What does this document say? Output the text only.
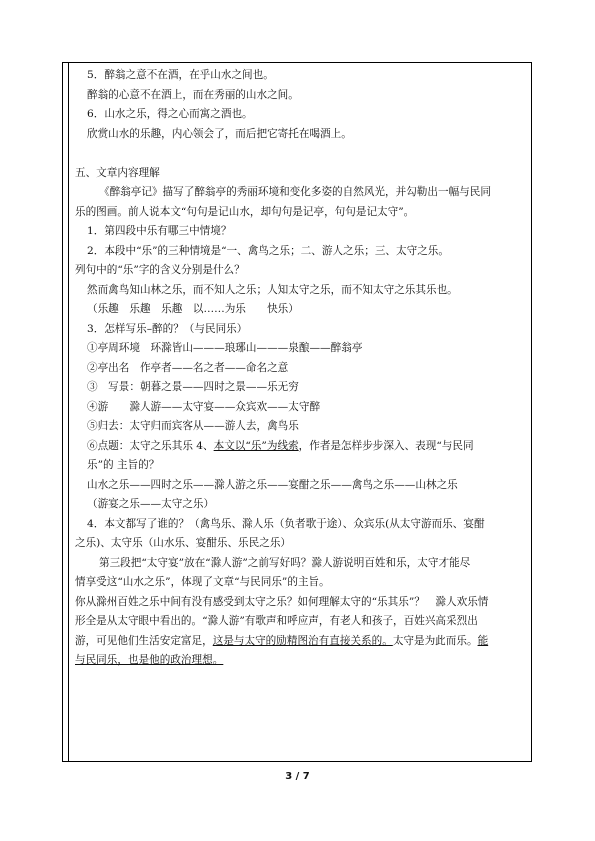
5．醉翁之意不在酒，在乎山水之间也。
醉翁的心意不在酒上，而在秀丽的山水之间。
6．山水之乐，得之心而寓之酒也。
欣赏山水的乐趣，内心领会了，而后把它寄托在喝酒上。
五、文章内容理解
《醉翁亭记》描写了醉翁亭的秀丽环境和变化多姿的自然风光，并勾勒出一幅与民同
乐的图画。前人说本文“句句是记山水，却句句是记亭，句句是记太守”。
1．第四段中乐有哪三中情境？
2．本段中“乐”的三种情境是“一、禽鸟之乐；二、游人之乐；三、太守之乐。
列句中的“乐”字的含义分别是什么？
然而禽鸟知山林之乐，而不知人之乐；人知太守之乐，而不知太守之乐其乐也。
（乐趣　乐趣　乐趣　以……为乐　　快乐）
3．怎样写乐–醉的？（与民同乐）
①亭周环境　环滁皆山———琅琊山———泉酿——醉翁亭
②亭出名　作亭者——名之者——命名之意
③　写景：朝暮之景——四时之景——乐无穷
④游　　滁人游——太守宴——众宾欢——太守醉
⑤归去：太守归而宾客从——游人去，禽鸟乐
⑥点题：太守之乐其乐 4、本文以“乐”为线索，作者是怎样步步深入、表现“与民同
乐”的 主旨的？
山水之乐——四时之乐——滁人游之乐——宴酣之乐——禽鸟之乐——山林之乐
（游宴之乐——太守之乐）
4．本文都写了谁的？（禽鸟乐、滁人乐（负者歌于途）、众宾乐(从太守游而乐、宴酣
之乐)、太守乐（山水乐、宴酣乐、乐民之乐）
第三段把“太守宴”放在“滁人游”之前写好吗？滁人游说明百姓和乐，太守才能尽
情享受这“山水之乐”，体现了文章“与民同乐”的主旨。
你从滁州百姓之乐中间有没有感受到太守之乐？如何理解太守的“乐其乐”？　滁人欢乐情
形全是从太守眼中看出的。“滁人游”有歌声和呼应声，有老人和孩子，百姓兴高采烈出
游，可见他们生活安定富足，这是与太守的励精图治有直接关系的。太守是为此而乐。能
与民同乐，也是他的政治理想。
3 / 7
